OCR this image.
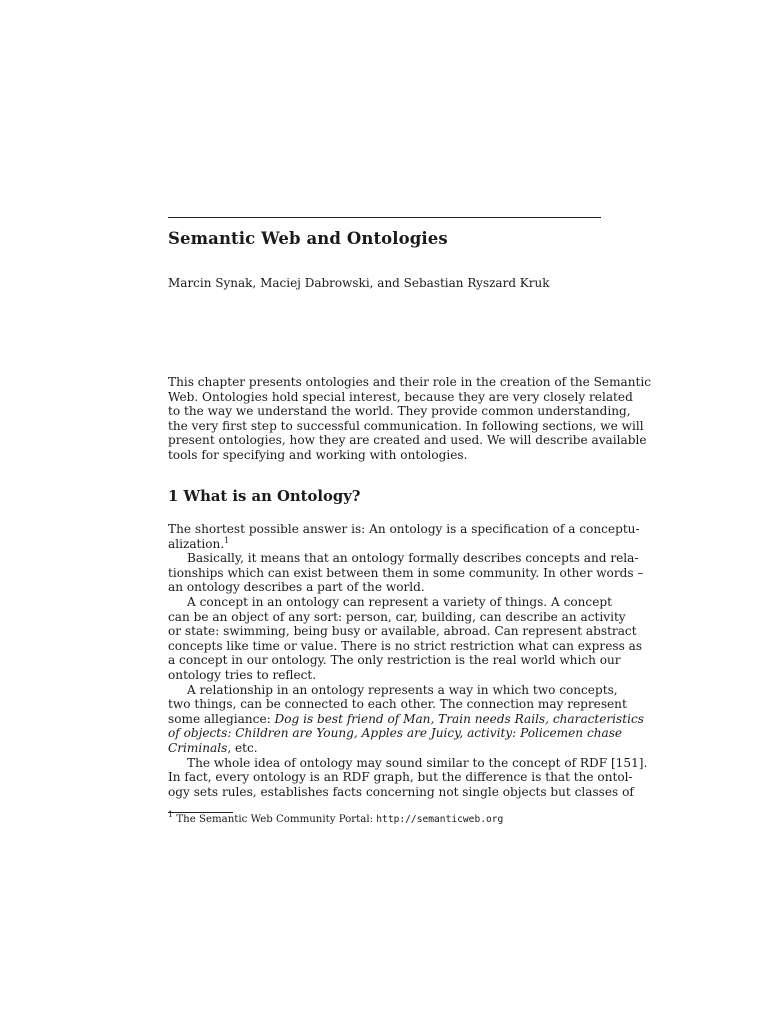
Semantic Web and Ontologies
Marcin Synak, Maciej Dabrowski, and Sebastian Ryszard Kruk
This chapter presents ontologies and their role in the creation of the Semantic
Web. Ontologies hold special interest, because they are very closely related
to the way we understand the world. They provide common understanding,
the very first step to successful communication. In following sections, we will
present ontologies, how they are created and used. We will describe available
tools for specifying and working with ontologies.
1 What is an Ontology?
The shortest possible answer is: An ontology is a specification of a conceptu-
alization.$^1$
Basically, it means that an ontology formally describes concepts and rela-
tionships which can exist between them in some community. In other words –
an ontology describes a part of the world.
A concept in an ontology can represent a variety of things. A concept
can be an object of any sort: person, car, building, can describe an activity
or state: swimming, being busy or available, abroad. Can represent abstract
concepts like time or value. There is no strict restriction what can express as
a concept in our ontology. The only restriction is the real world which our
ontology tries to reflect.
A relationship in an ontology represents a way in which two concepts,
two things, can be connected to each other. The connection may represent
some allegiance: Dog is best friend of Man, Train needs Rails, characteristics
of objects: Children are Young, Apples are Juicy, activity: Policemen chase
Criminals, etc.
The whole idea of ontology may sound similar to the concept of RDF [151].
In fact, every ontology is an RDF graph, but the difference is that the ontol-
ogy sets rules, establishes facts concerning not single objects but classes of
$^1$ The Semantic Web Community Portal: http://semanticweb.org
